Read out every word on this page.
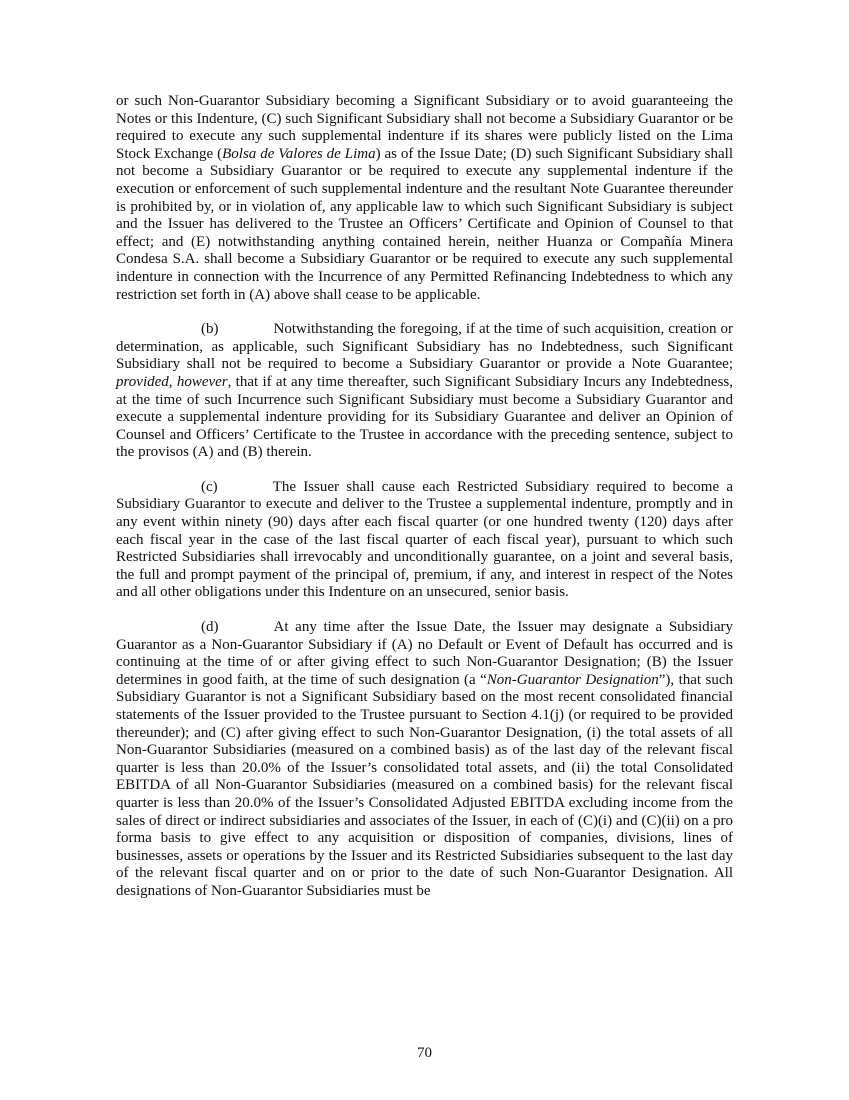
or such Non-Guarantor Subsidiary becoming a Significant Subsidiary or to avoid guaranteeing the Notes or this Indenture, (C) such Significant Subsidiary shall not become a Subsidiary Guarantor or be required to execute any such supplemental indenture if its shares were publicly listed on the Lima Stock Exchange (Bolsa de Valores de Lima) as of the Issue Date; (D) such Significant Subsidiary shall not become a Subsidiary Guarantor or be required to execute any supplemental indenture if the execution or enforcement of such supplemental indenture and the resultant Note Guarantee thereunder is prohibited by, or in violation of, any applicable law to which such Significant Subsidiary is subject and the Issuer has delivered to the Trustee an Officers’ Certificate and Opinion of Counsel to that effect; and (E) notwithstanding anything contained herein, neither Huanza or Compañía Minera Condesa S.A. shall become a Subsidiary Guarantor or be required to execute any such supplemental indenture in connection with the Incurrence of any Permitted Refinancing Indebtedness to which any restriction set forth in (A) above shall cease to be applicable.

(b)	Notwithstanding the foregoing, if at the time of such acquisition, creation or determination, as applicable, such Significant Subsidiary has no Indebtedness, such Significant Subsidiary shall not be required to become a Subsidiary Guarantor or provide a Note Guarantee; provided, however, that if at any time thereafter, such Significant Subsidiary Incurs any Indebtedness, at the time of such Incurrence such Significant Subsidiary must become a Subsidiary Guarantor and execute a supplemental indenture providing for its Subsidiary Guarantee and deliver an Opinion of Counsel and Officers’ Certificate to the Trustee in accordance with the preceding sentence, subject to the provisos (A) and (B) therein.

(c)	The Issuer shall cause each Restricted Subsidiary required to become a Subsidiary Guarantor to execute and deliver to the Trustee a supplemental indenture, promptly and in any event within ninety (90) days after each fiscal quarter (or one hundred twenty (120) days after each fiscal year in the case of the last fiscal quarter of each fiscal year), pursuant to which such Restricted Subsidiaries shall irrevocably and unconditionally guarantee, on a joint and several basis, the full and prompt payment of the principal of, premium, if any, and interest in respect of the Notes and all other obligations under this Indenture on an unsecured, senior basis.

(d)	At any time after the Issue Date, the Issuer may designate a Subsidiary Guarantor as a Non-Guarantor Subsidiary if (A) no Default or Event of Default has occurred and is continuing at the time of or after giving effect to such Non-Guarantor Designation; (B) the Issuer determines in good faith, at the time of such designation (a “Non-Guarantor Designation”), that such Subsidiary Guarantor is not a Significant Subsidiary based on the most recent consolidated financial statements of the Issuer provided to the Trustee pursuant to Section 4.1(j) (or required to be provided thereunder); and (C) after giving effect to such Non-Guarantor Designation, (i) the total assets of all Non-Guarantor Subsidiaries (measured on a combined basis) as of the last day of the relevant fiscal quarter is less than 20.0% of the Issuer’s consolidated total assets, and (ii) the total Consolidated EBITDA of all Non-Guarantor Subsidiaries (measured on a combined basis) for the relevant fiscal quarter is less than 20.0% of the Issuer’s Consolidated Adjusted EBITDA excluding income from the sales of direct or indirect subsidiaries and associates of the Issuer, in each of (C)(i) and (C)(ii) on a pro forma basis to give effect to any acquisition or disposition of companies, divisions, lines of businesses, assets or operations by the Issuer and its Restricted Subsidiaries subsequent to the last day of the relevant fiscal quarter and on or prior to the date of such Non-Guarantor Designation. All designations of Non-Guarantor Subsidiaries must be

70
